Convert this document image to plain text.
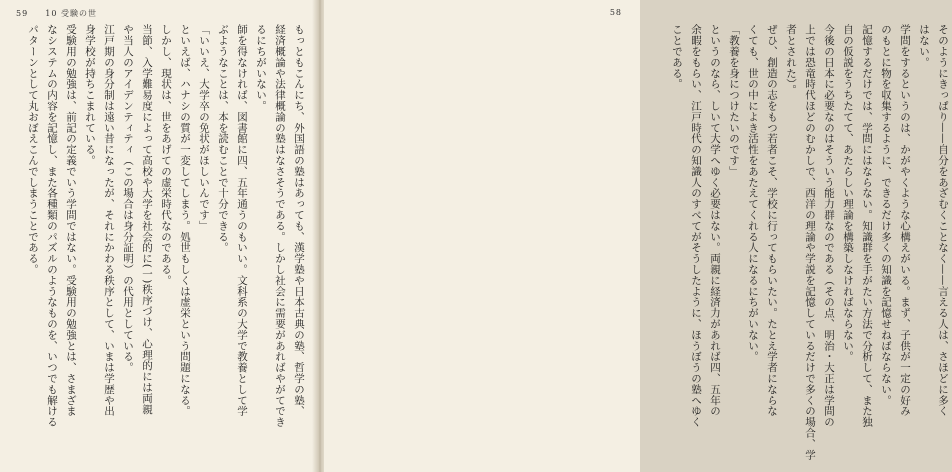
59 10 受験の世
もっともこんにち、外国語の塾はあっても、漢学塾や日本古典の塾、哲学の塾、
経済概論や法律概論の塾はなさそうである。しかし社会に需要があればやがてでき
るにちがいない。
師を得なければ、図書館に四、五年通うのもいい。文科系の大学で教養として学
ぶようなことは、本を読むことで十分できる。
「いいえ、大学卒の免状がほしいんです」
といえば、ハナシの質が一変してしまう。処世もしくは虚栄という問題になる。
しかし、現状は、世をあげての虚栄時代なのである。
当節、入学難易度によって高校や大学を社会的に(一)秩序づけ、心理的には両親
や当人のアイデンティティ（この場合は身分証明）の代用としている。
江戸期の身分制は遠い昔になったが、それにかわる秩序として、いまは学歴や出
身学校が持ちこまれている。
受験用の勉強は、前記の定義でいう学問ではない。受験用の勉強とは、さまざま
なシステムの内容を記憶し、また各種類のパズルのようなものを、いつでも解ける
パターンとして丸おぼえこんでしまうことである。
58
そのようにきっぱり——自分をあざむくことなく——言える人は、さほどに多く
はない。
学問をするというのは、かがやくような心構えがいる。まず、子供が一定の好み
のもとに物を収集するように、できるだけ多くの知識を記憶せねばならない。
記憶するだけでは、学問にはならない。知識群を手がたい方法で分析して、また独
自の仮説をうちたてて、あたらしい理論を構築しなければならない。
今後の日本に必要なのはそういう能力群なのである（その点、明治・大正は学問の
上では恐竜時代ほどのむかしで、西洋の理論や学説を記憶しているだけで多くの場合、学
者とされた）。
ぜひ、創造の志をもつ若者こそ、学校に行ってもらいたい。たとえ学者にならな
くても、世の中によき活性をあたえてくれる人になるにちがいない。
「教養を身につけたいのです」
というのなら、しいて大学へゆく必要はない。両親に経済力があれば四、五年の
余暇をもらい、江戸時代の知識人のすべてがそうしたように、ほうぼうの塾へゆく
ことである。
